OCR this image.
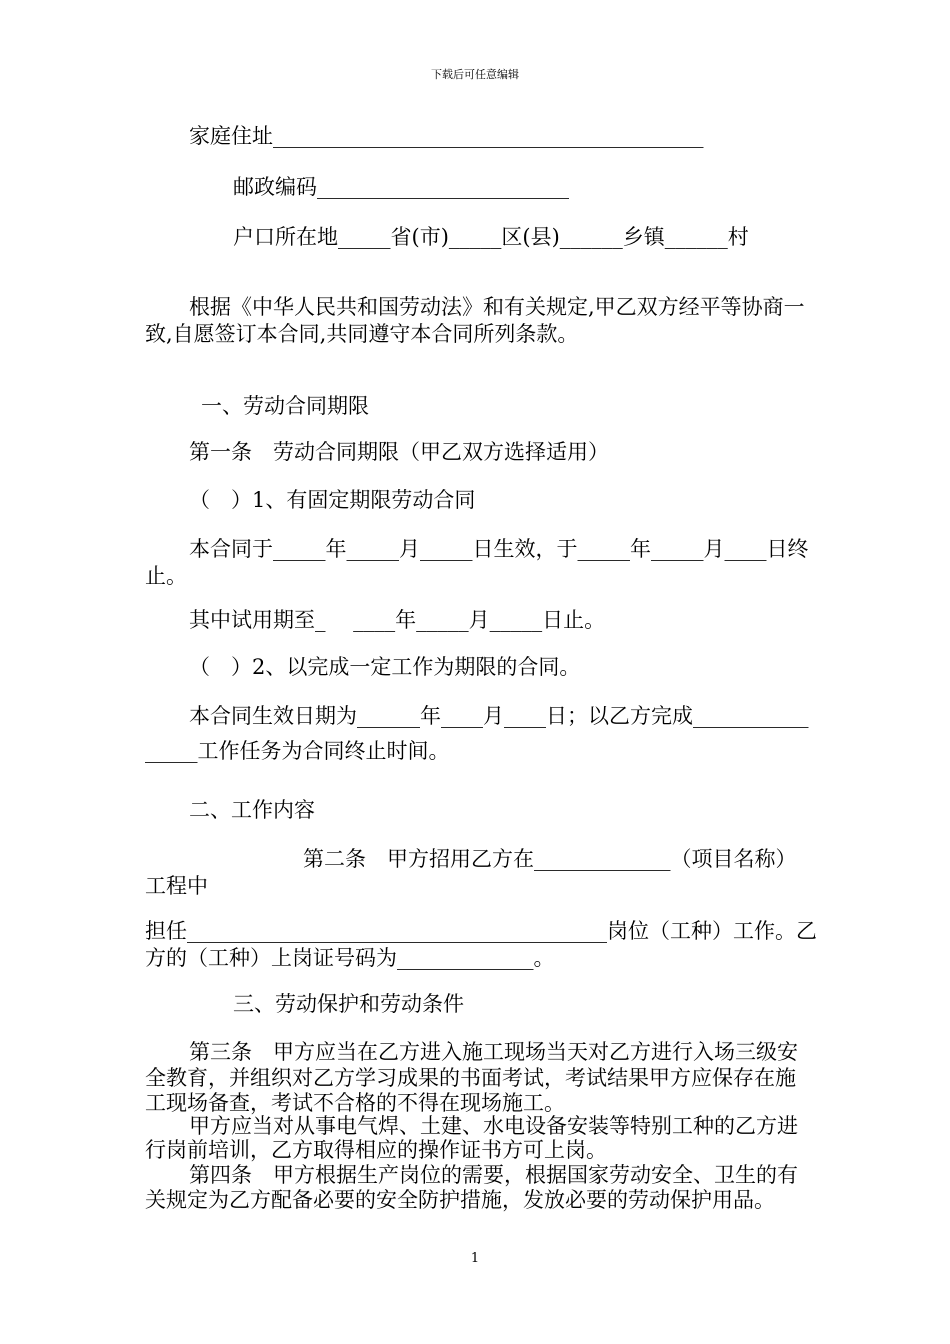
下载后可任意编辑
家庭住址_________________________________________
邮政编码________________________
户口所在地_____省(市)_____区(县)______乡镇______村
根据《中华人民共和国劳动法》和有关规定,甲乙双方经平等协商一
致,自愿签订本合同,共同遵守本合同所列条款。
一、劳动合同期限
第一条　劳动合同期限（甲乙双方选择适用）
（　）1、有固定期限劳动合同
本合同于_____年_____月_____日生效，于_____年_____月____日终
止。
其中试用期至_　 ____年_____月_____日止。
（　）2、以完成一定工作为期限的合同。
本合同生效日期为______年____月____日；以乙方完成___________
_____工作任务为合同终止时间。
二、工作内容
第二条　甲方招用乙方在_____________（项目名称）
工程中
担任________________________________________岗位（工种）工作。乙
方的（工种）上岗证号码为_____________。
三、劳动保护和劳动条件
第三条　甲方应当在乙方进入施工现场当天对乙方进行入场三级安
全教育，并组织对乙方学习成果的书面考试，考试结果甲方应保存在施
工现场备查，考试不合格的不得在现场施工。
甲方应当对从事电气焊、土建、水电设备安装等特别工种的乙方进
行岗前培训，乙方取得相应的操作证书方可上岗。
第四条　甲方根据生产岗位的需要，根据国家劳动安全、卫生的有
关规定为乙方配备必要的安全防护措施，发放必要的劳动保护用品。
1
